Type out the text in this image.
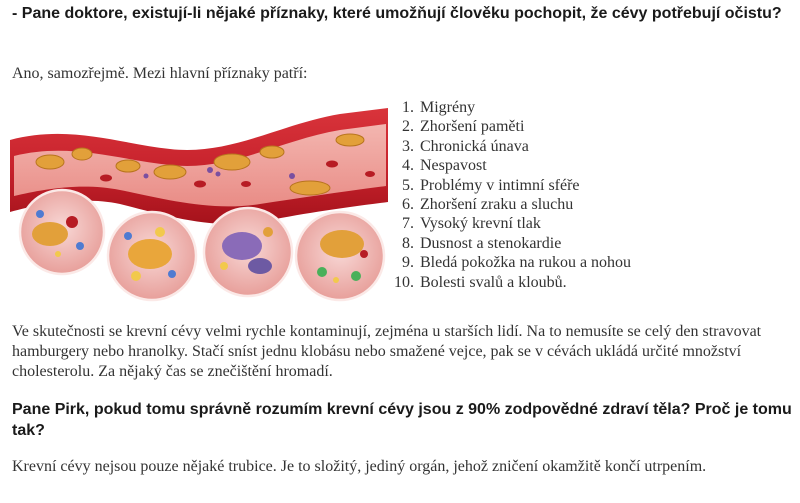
- Pane doktore, existují-li nějaké příznaky, které umožňují člověku pochopit, že cévy potřebují očistu?

Ano, samozřejmě. Mezi hlavní příznaky patří:

1. Migrény
2. Zhoršení paměti
3. Chronická únava
4. Nespavost
5. Problémy v intimní sféře
6. Zhoršení zraku a sluchu
7. Vysoký krevní tlak
8. Dusnost a stenokardie
9. Bledá pokožka na rukou a nohou
10. Bolesti svalů a kloubů.

Ve skutečnosti se krevní cévy velmi rychle kontaminují, zejména u starších lidí. Na to nemusíte se celý den stravovat hamburgery nebo hranolky. Stačí sníst jednu klobásu nebo smažené vejce, pak se v cévách ukládá určité množství cholesterolu. Za nějaký čas se znečištění hromadí.

Pane Pirk, pokud tomu správně rozumím krevní cévy jsou z 90% zodpovědné zdraví těla? Proč je tomu tak?

Krevní cévy nejsou pouze nějaké trubice. Je to složitý, jediný orgán, jehož zničení okamžitě končí utrpením.
